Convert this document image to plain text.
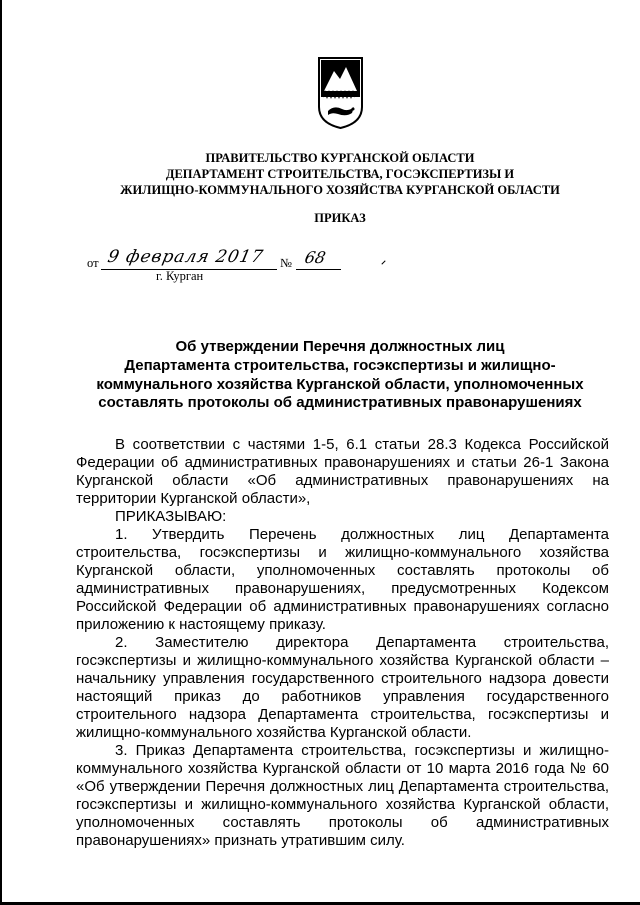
ПРАВИТЕЛЬСТВО КУРГАНСКОЙ ОБЛАСТИ
ДЕПАРТАМЕНТ СТРОИТЕЛЬСТВА, ГОСЭКСПЕРТИЗЫ И
ЖИЛИЩНО-КОММУНАЛЬНОГО ХОЗЯЙСТВА КУРГАНСКОЙ ОБЛАСТИ
ПРИКАЗ
от 9 февраля 2017 № 68
г. Курган
Об утверждении Перечня должностных лиц
Департамента строительства, госэкспертизы и жилищно-
коммунального хозяйства Курганской области, уполномоченных
составлять протоколы об административных правонарушениях

В соответствии с частями 1-5, 6.1 статьи 28.3 Кодекса Российской Федерации об административных правонарушениях и статьи 26-1 Закона Курганской области «Об административных правонарушениях на территории Курганской области»,

ПРИКАЗЫВАЮ:

1. Утвердить Перечень должностных лиц Департамента строительства, госэкспертизы и жилищно-коммунального хозяйства Курганской области, уполномоченных составлять протоколы об административных правонарушениях, предусмотренных Кодексом Российской Федерации об административных правонарушениях согласно приложению к настоящему приказу.

2. Заместителю директора Департамента строительства, госэкспертизы и жилищно-коммунального хозяйства Курганской области – начальнику управления государственного строительного надзора довести настоящий приказ до работников управления государственного строительного надзора Департамента строительства, госэкспертизы и жилищно-коммунального хозяйства Курганской области.

3. Приказ Департамента строительства, госэкспертизы и жилищно-коммунального хозяйства Курганской области от 10 марта 2016 года № 60 «Об утверждении Перечня должностных лиц Департамента строительства, госэкспертизы и жилищно-коммунального хозяйства Курганской области, уполномоченных составлять протоколы об административных правонарушениях» признать утратившим силу.
